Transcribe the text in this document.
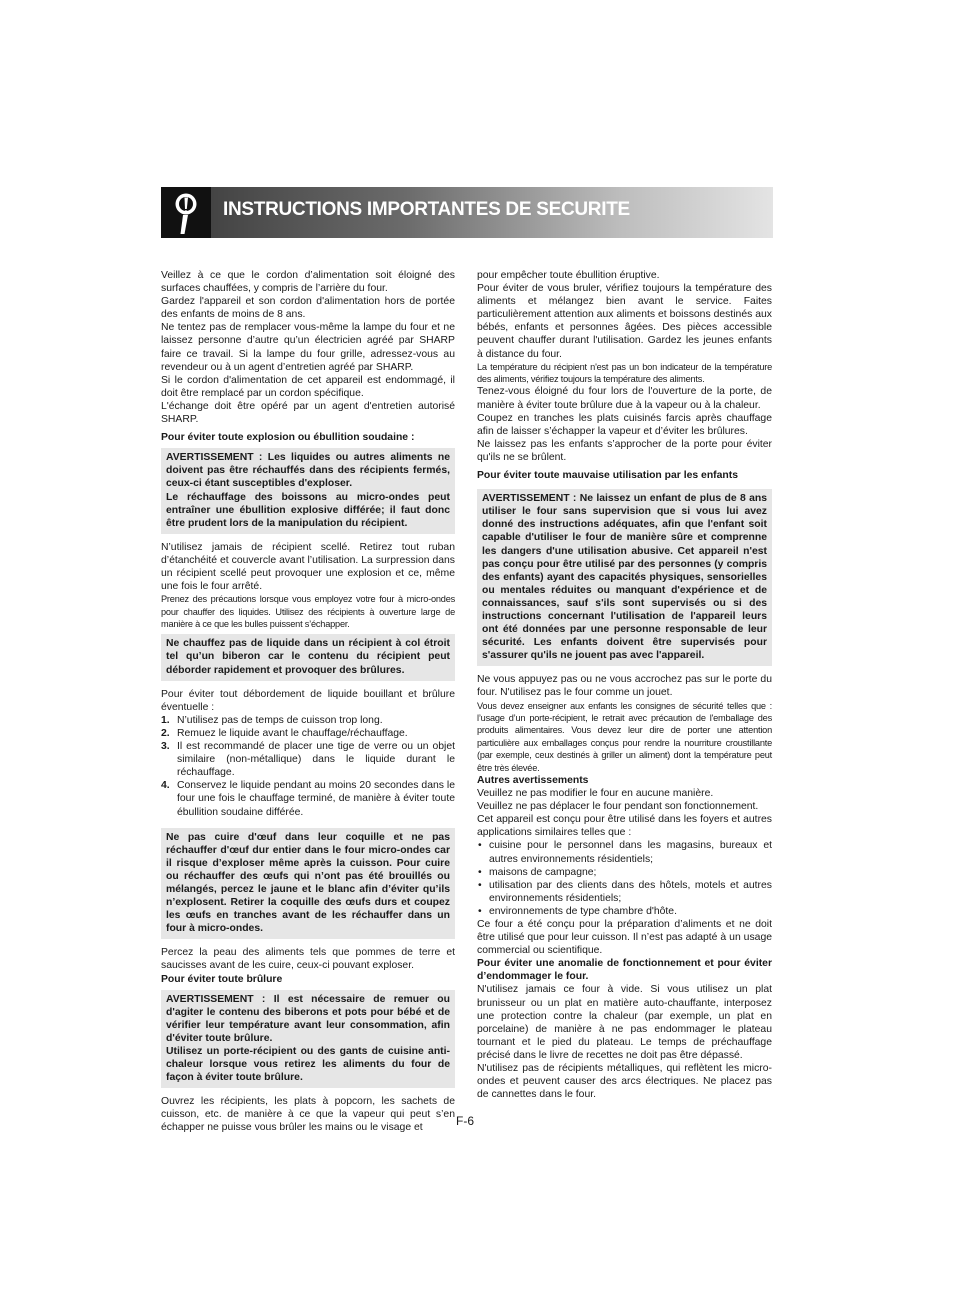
INSTRUCTIONS IMPORTANTES DE SECURITE

Veillez à ce que le cordon d’alimentation soit éloigné des surfaces chauffées, y compris de l’arrière du four.

Gardez l'appareil et son cordon d'alimentation hors de portée des enfants de moins de 8 ans.

Ne tentez pas de remplacer vous-même la lampe du four et ne laissez personne d’autre qu’un électricien agréé par SHARP faire ce travail. Si la lampe du four grille, adressez-vous au revendeur ou à un agent d’entretien agréé par SHARP.

Si le cordon d'alimentation de cet appareil est endommagé, il doit être remplacé par un cordon spécifique.

L'échange doit être opéré par un agent d'entretien autorisé SHARP.

Pour éviter toute explosion ou ébullition soudaine :

AVERTISSEMENT : Les liquides ou autres aliments ne doivent pas être réchauffés dans des récipients fermés, ceux-ci étant susceptibles d'exploser.

Le réchauffage des boissons au micro-ondes peut entraîner une ébullition explosive différée; il faut donc être prudent lors de la manipulation du récipient.

N’utilisez jamais de récipient scellé. Retirez tout ruban d’étanchéité et couvercle avant l’utilisation. La surpression dans un récipient scellé peut provoquer une explosion et ce, même une fois le four arrêté.

Prenez des précautions lorsque vous employez votre four à micro-ondes pour chauffer des liquides. Utilisez des récipients à ouverture large de manière à ce que les bulles puissent s’échapper.

Ne chauffez pas de liquide dans un récipient à col étroit tel qu’un biberon car le contenu du récipient peut déborder rapidement et provoquer des brûlures.

Pour éviter tout débordement de liquide bouillant et brûlure éventuelle :

1. N’utilisez pas de temps de cuisson trop long.
2. Remuez le liquide avant le chauffage/réchauffage.
3. Il est recommandé de placer une tige de verre ou un objet similaire (non-métallique) dans le liquide durant le réchauffage.
4. Conservez le liquide pendant au moins 20 secondes dans le four une fois le chauffage terminé, de manière à éviter toute ébullition soudaine différée.

Ne pas cuire d'œuf dans leur coquille et ne pas réchauffer d'œuf dur entier dans le four micro-ondes car il risque d’exploser même après la cuisson. Pour cuire ou réchauffer des œufs qui n’ont pas été brouillés ou mélangés, percez le jaune et le blanc afin d’éviter qu’ils n’explosent. Retirer la coquille des œufs durs et coupez les œufs en tranches avant de les réchauffer dans un four à micro-ondes.

Percez la peau des aliments tels que pommes de terre et saucisses avant de les cuire, ceux-ci pouvant exploser.

Pour éviter toute brûlure

AVERTISSEMENT : Il est nécessaire de remuer ou d'agiter le contenu des biberons et pots pour bébé et de vérifier leur température avant leur consommation, afin d'éviter toute brûlure.

Utilisez un porte-récipient ou des gants de cuisine anti-chaleur lorsque vous retirez les aliments du four de façon à éviter toute brûlure.

Ouvrez les récipients, les plats à popcorn, les sachets de cuisson, etc. de manière à ce que la vapeur qui peut s’en échapper ne puisse vous brûler les mains ou le visage et

pour empêcher toute ébullition éruptive.

Pour éviter de vous bruler, vérifiez toujours la température des aliments et mélangez bien avant le service. Faites particulièrement attention aux aliments et boissons destinés aux bébés, enfants et personnes âgées. Des pièces accessible peuvent chauffer durant l'utilisation. Gardez les jeunes enfants à distance du four.

La température du récipient n'est pas un bon indicateur de la température des aliments, vérifiez toujours la température des aliments.

Tenez-vous éloigné du four lors de l'ouverture de la porte, de manière à éviter toute brûlure due à la vapeur ou à la chaleur.

Coupez en tranches les plats cuisinés farcis après chauffage afin de laisser s’échapper la vapeur et d’éviter les brûlures.

Ne laissez pas les enfants s’approcher de la porte pour éviter qu'ils ne se brûlent.

Pour éviter toute mauvaise utilisation par les enfants

AVERTISSEMENT : Ne laissez un enfant de plus de 8 ans utiliser le four sans supervision que si vous lui avez donné des instructions adéquates, afin que l'enfant soit capable d'utiliser le four de manière sûre et comprenne les dangers d'une utilisation abusive. Cet appareil n'est pas conçu pour être utilisé par des personnes (y compris des enfants) ayant des capacités physiques, sensorielles ou mentales réduites ou manquant d'expérience et de connaissances, sauf s'ils sont supervisés ou si des instructions concernant l'utilisation de l'appareil leurs ont été données par une personne responsable de leur sécurité. Les enfants doivent être supervisés pour s'assurer qu'ils ne jouent pas avec l'appareil.

Ne vous appuyez pas ou ne vous accrochez pas sur le porte du four. N'utilisez pas le four comme un jouet.

Vous devez enseigner aux enfants les consignes de sécurité telles que : l’usage d’un porte-récipient, le retrait avec précaution de l'emballage des produits alimentaires. Vous devez leur dire de porter une attention particulière aux emballages conçus pour rendre la nourriture croustillante (par exemple, ceux destinés à griller un aliment) dont la température peut être très élevée.

Autres avertissements

Veuillez ne pas modifier le four en aucune manière.

Veuillez ne pas déplacer le four pendant son fonctionnement.

Cet appareil est conçu pour être utilisé dans les foyers et autres applications similaires telles que :

• cuisine pour le personnel dans les magasins, bureaux et autres environnements résidentiels;
• maisons de campagne;
• utilisation par des clients dans des hôtels, motels et autres environnements résidentiels;
• environnements de type chambre d'hôte.

Ce four a été conçu pour la préparation d’aliments et ne doit être utilisé que pour leur cuisson. Il n’est pas adapté à un usage commercial ou scientifique.

Pour éviter une anomalie de fonctionnement et pour éviter d’endommager le four.

N'utilisez jamais ce four à vide. Si vous utilisez un plat brunisseur ou un plat en matière auto-chauffante, interposez une protection contre la chaleur (par exemple, un plat en porcelaine) de manière à ne pas endommager le plateau tournant et le pied du plateau. Le temps de préchauffage précisé dans le livre de recettes ne doit pas être dépassé.

N'utilisez pas de récipients métalliques, qui reflètent les micro-ondes et peuvent causer des arcs électriques. Ne placez pas de cannettes dans le four.

F-6
